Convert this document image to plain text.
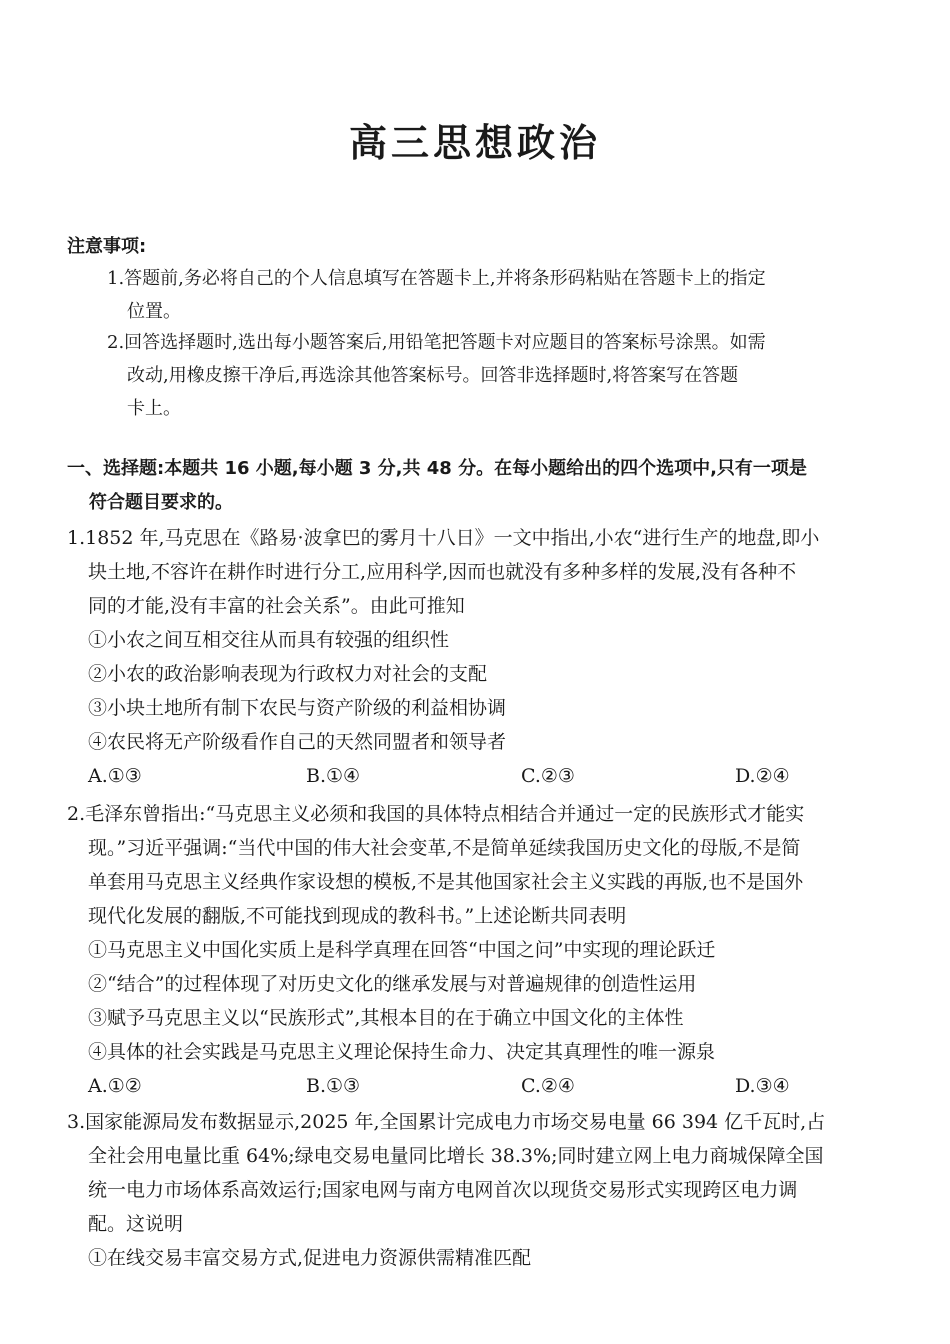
高三思想政治
注意事项:
1.答题前,务必将自己的个人信息填写在答题卡上,并将条形码粘贴在答题卡上的指定
位置。
2.回答选择题时,选出每小题答案后,用铅笔把答题卡对应题目的答案标号涂黑。如需
改动,用橡皮擦干净后,再选涂其他答案标号。回答非选择题时,将答案写在答题
卡上。
一、选择题:本题共 16 小题,每小题 3 分,共 48 分。在每小题给出的四个选项中,只有一项是
符合题目要求的。
1.1852 年,马克思在《路易·波拿巴的雾月十八日》一文中指出,小农“进行生产的地盘,即小
块土地,不容许在耕作时进行分工,应用科学,因而也就没有多种多样的发展,没有各种不
同的才能,没有丰富的社会关系”。由此可推知
①小农之间互相交往从而具有较强的组织性
②小农的政治影响表现为行政权力对社会的支配
③小块土地所有制下农民与资产阶级的利益相协调
④农民将无产阶级看作自己的天然同盟者和领导者
A.①③	B.①④	C.②③	D.②④
2.毛泽东曾指出:“马克思主义必须和我国的具体特点相结合并通过一定的民族形式才能实
现。”习近平强调:“当代中国的伟大社会变革,不是简单延续我国历史文化的母版,不是简
单套用马克思主义经典作家设想的模板,不是其他国家社会主义实践的再版,也不是国外
现代化发展的翻版,不可能找到现成的教科书。”上述论断共同表明
①马克思主义中国化实质上是科学真理在回答“中国之问”中实现的理论跃迁
②“结合”的过程体现了对历史文化的继承发展与对普遍规律的创造性运用
③赋予马克思主义以“民族形式”,其根本目的在于确立中国文化的主体性
④具体的社会实践是马克思主义理论保持生命力、决定其真理性的唯一源泉
A.①②	B.①③	C.②④	D.③④
3.国家能源局发布数据显示,2025 年,全国累计完成电力市场交易电量 66 394 亿千瓦时,占
全社会用电量比重 64%;绿电交易电量同比增长 38.3%;同时建立网上电力商城保障全国
统一电力市场体系高效运行;国家电网与南方电网首次以现货交易形式实现跨区电力调
配。这说明
①在线交易丰富交易方式,促进电力资源供需精准匹配
